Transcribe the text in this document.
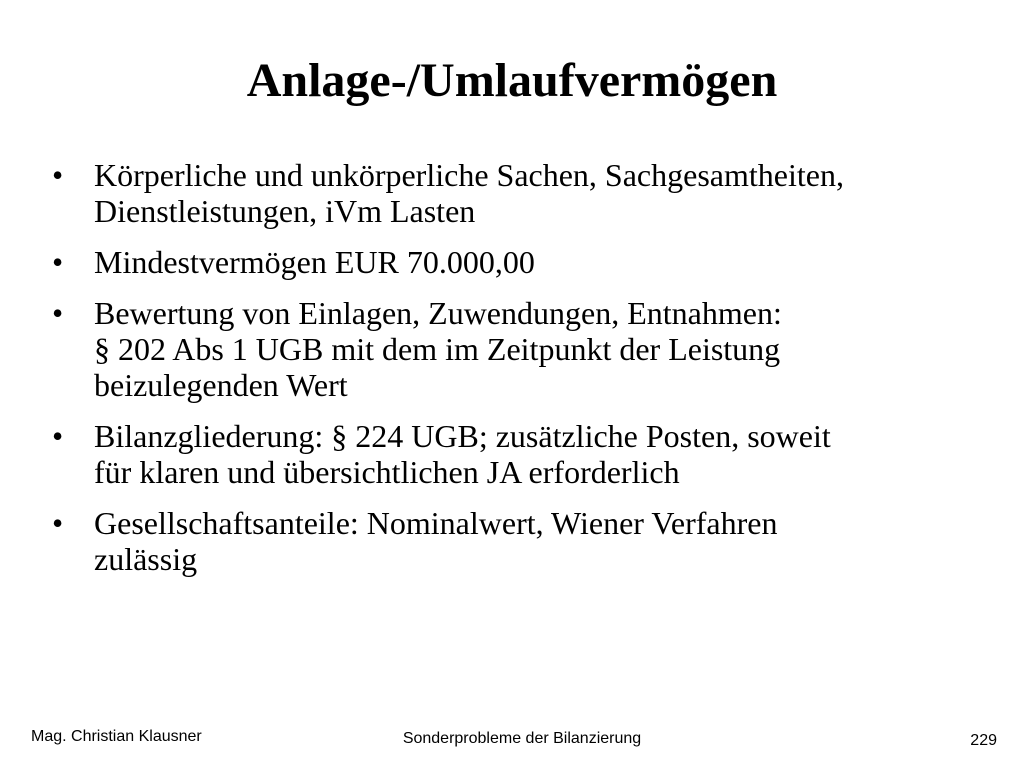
Anlage-/Umlaufvermögen
• Körperliche und unkörperliche Sachen, Sachgesamtheiten,
Dienstleistungen, iVm Lasten
• Mindestvermögen EUR 70.000,00
• Bewertung von Einlagen, Zuwendungen, Entnahmen:
§ 202 Abs 1 UGB mit dem im Zeitpunkt der Leistung
beizulegenden Wert
• Bilanzgliederung: § 224 UGB; zusätzliche Posten, soweit
für klaren und übersichtlichen JA erforderlich
• Gesellschaftsanteile: Nominalwert, Wiener Verfahren
zulässig
Mag. Christian Klausner	Sonderprobleme der Bilanzierung	229
